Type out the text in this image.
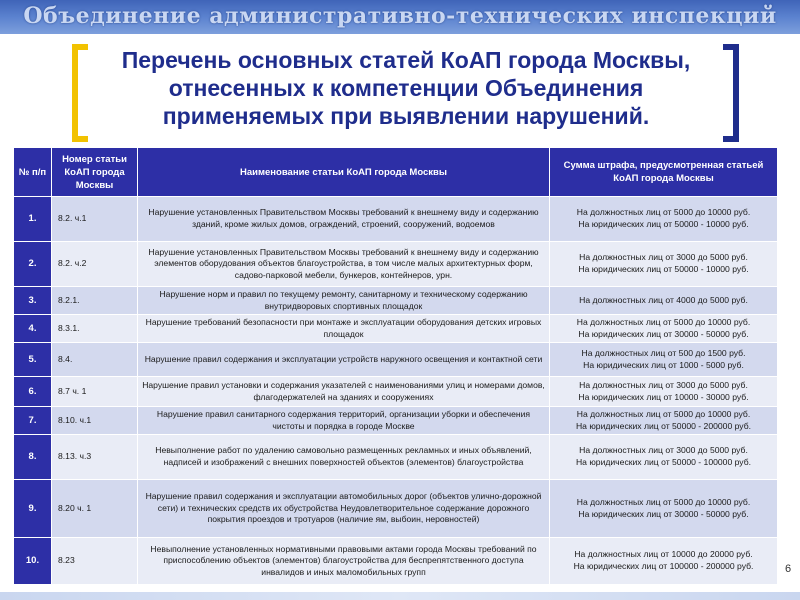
Объединение административно-технических инспекций
Перечень основных статей КоАП города Москвы,
отнесенных к компетенции Объединения
применяемых при выявлении нарушений.
№ п/п	Номер статьи КоАП города Москвы	Наименование статьи КоАП города Москвы	Сумма штрафа, предусмотренная статьей КоАП города Москвы
1.	8.2. ч.1	Нарушение установленных Правительством Москвы требований к внешнему виду и содержанию зданий, кроме жилых домов, ограждений, строений, сооружений, водоемов	На должностных лиц от 5000 до 10000 руб.
На юридических лиц от 50000 - 10000 руб.

2.	8.2. ч.2	Нарушение установленных Правительством Москвы требований к внешнему виду и содержанию элементов оборудования объектов благоустройства, в том числе малых архитектурных форм, садово-парковой мебели, бункеров, контейнеров, урн.	На должностных лиц от 3000 до 5000 руб.
На юридических лиц от 50000 - 10000 руб.

3.	8.2.1.	Нарушение норм и правил по текущему ремонту, санитарному и техническому содержанию внутридворовых спортивных площадок	На должностных лиц от 4000 до 5000 руб.

4.	8.3.1.	Нарушение требований безопасности при монтаже и эксплуатации оборудования детских игровых площадок	На должностных лиц от 5000 до 10000 руб.
На юридических лиц от 30000 - 50000 руб.

5.	8.4.	Нарушение правил содержания и эксплуатации устройств наружного освещения и контактной сети	На должностных лиц от 500 до 1500 руб.
На юридических лиц от 1000 - 5000 руб.

6.	8.7 ч. 1	Нарушение правил установки и содержания указателей с наименованиями улиц и номерами домов, флагодержателей на зданиях и сооружениях	На должностных лиц от 3000 до 5000 руб.
На юридических лиц от 10000 - 30000 руб.

7.	8.10. ч.1	Нарушение правил санитарного содержания территорий, организации уборки и обеспечения чистоты и порядка в городе Москве	На должностных лиц от 5000 до 10000 руб.
На юридических лиц от 50000 - 200000 руб.

8.	8.13. ч.3	Невыполнение работ по удалению самовольно размещенных рекламных и иных объявлений, надписей и изображений с внешних поверхностей объектов (элементов) благоустройства	На должностных лиц от 3000 до 5000 руб.
На юридических лиц от 50000 - 100000 руб.

9.	8.20 ч. 1	Нарушение правил содержания и эксплуатации автомобильных дорог (объектов улично-дорожной сети) и технических средств их обустройства Неудовлетворительное содержание дорожного покрытия проездов и тротуаров (наличие ям, выбоин, неровностей)	На должностных лиц от 5000 до 10000 руб.
На юридических лиц от 30000 - 50000 руб.

10.	8.23	Невыполнение установленных нормативными правовыми актами города Москвы требований по приспособлению объектов (элементов) благоустройства для беспрепятственного доступа инвалидов и иных маломобильных групп	На должностных лиц от 10000 до 20000 руб.
На юридических лиц от 100000 - 200000 руб.	6
